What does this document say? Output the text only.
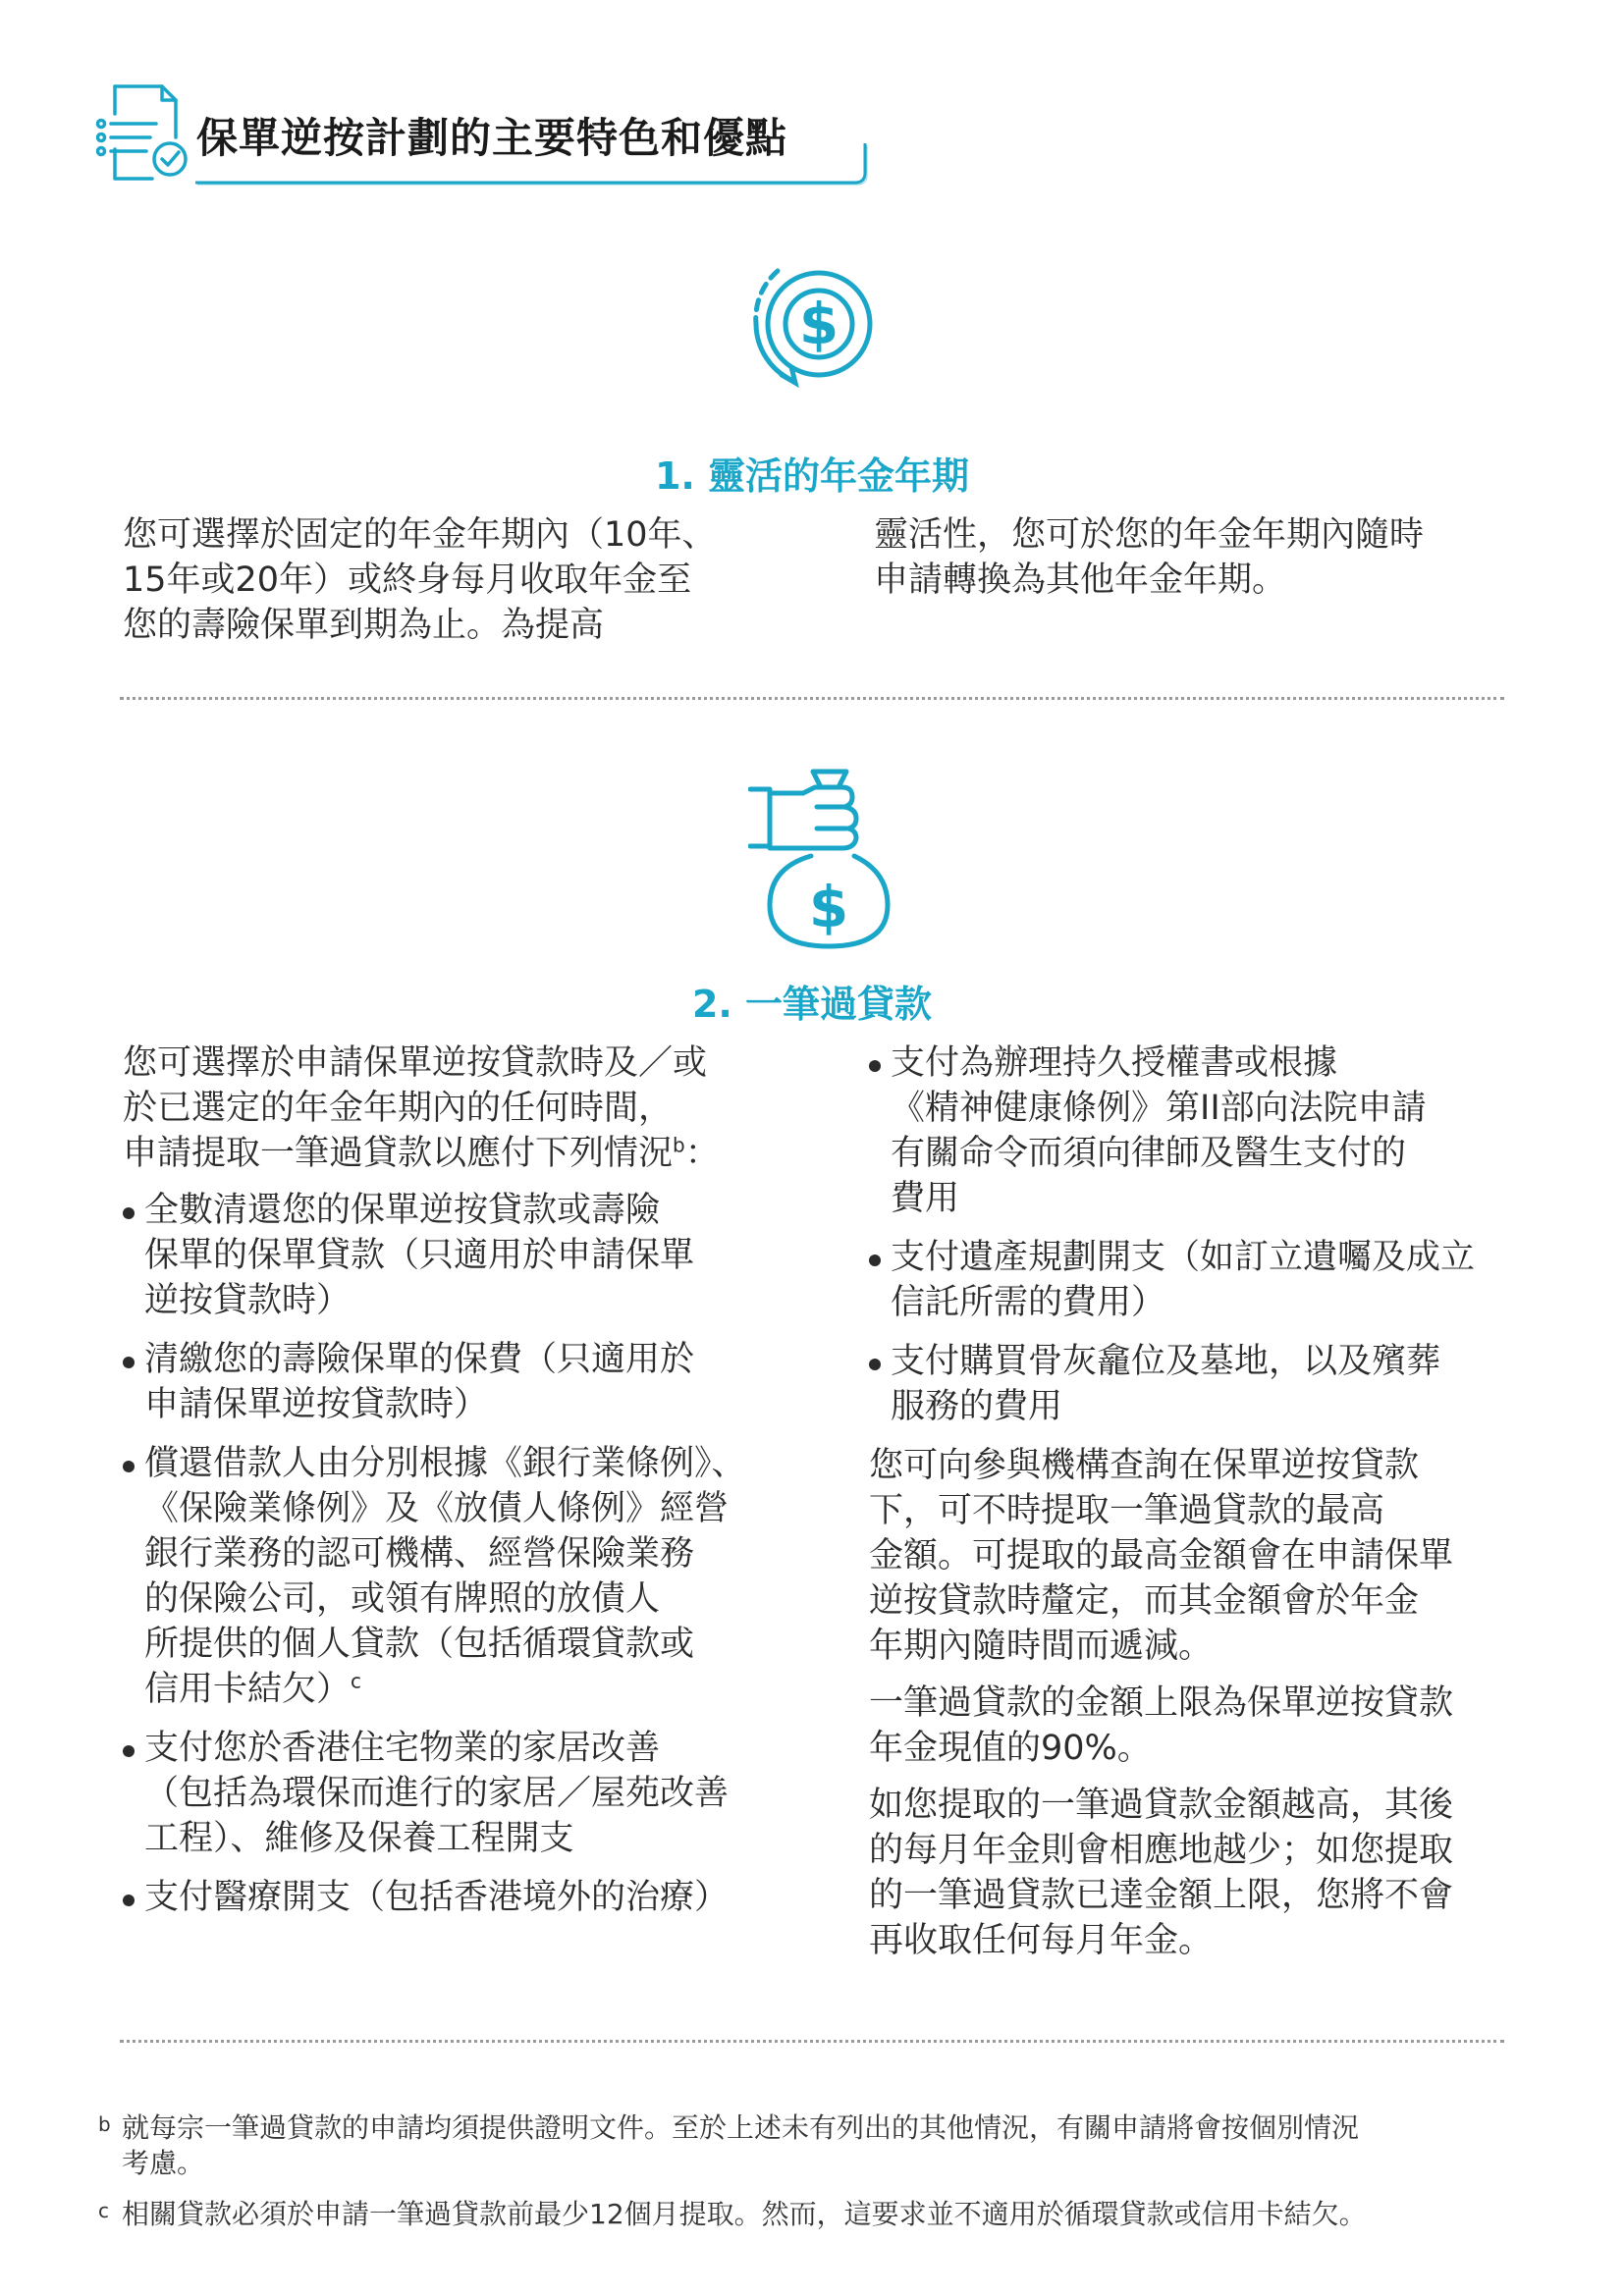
保單逆按計劃的主要特色和優點
$
1. 靈活的年金年期
您可選擇於固定的年金年期內（10年、
15年或20年）或終身每月收取年金至
您的壽險保單到期為止。為提高
靈活性，您可於您的年金年期內隨時
申請轉換為其他年金年期。
$
2. 一筆過貸款

您可選擇於申請保單逆按貸款時及／或
於已選定的年金年期內的任何時間，
申請提取一筆過貸款以應付下列情況$^b$：

全數清還您的保單逆按貸款或壽險
保單的保單貸款（只適用於申請保單
逆按貸款時）
清繳您的壽險保單的保費（只適用於
申請保單逆按貸款時）
償還借款人由分別根據《銀行業條例》、
《保險業條例》及《放債人條例》經營
銀行業務的認可機構、經營保險業務
的保險公司，或領有牌照的放債人
所提供的個人貸款（包括循環貸款或
信用卡結欠）$^c$
支付您於香港住宅物業的家居改善
（包括為環保而進行的家居／屋苑改善
工程）、維修及保養工程開支
支付醫療開支（包括香港境外的治療）
支付為辦理持久授權書或根據
《精神健康條例》第II部向法院申請
有關命令而須向律師及醫生支付的
費用
支付遺產規劃開支（如訂立遺囑及成立
信託所需的費用）
支付購買骨灰龕位及墓地，以及殯葬
服務的費用

您可向參與機構查詢在保單逆按貸款
下，可不時提取一筆過貸款的最高
金額。可提取的最高金額會在申請保單
逆按貸款時釐定，而其金額會於年金
年期內隨時間而遞減。

一筆過貸款的金額上限為保單逆按貸款
年金現值的90%。

如您提取的一筆過貸款金額越高，其後
的每月年金則會相應地越少；如您提取
的一筆過貸款已達金額上限，您將不會
再收取任何每月年金。

b 就每宗一筆過貸款的申請均須提供證明文件。至於上述未有列出的其他情況，有關申請將會按個別情況
考慮。
c 相關貸款必須於申請一筆過貸款前最少12個月提取。然而，這要求並不適用於循環貸款或信用卡結欠。
